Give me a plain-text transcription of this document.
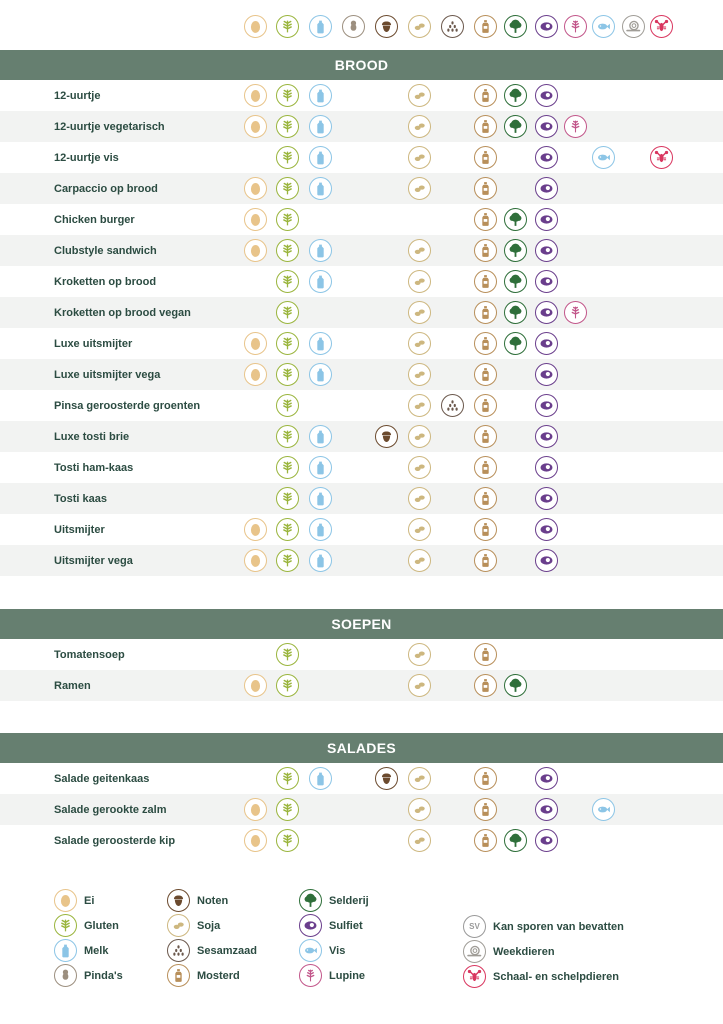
BROOD
12-uurtje
12-uurtje vegetarisch
12-uurtje vis
Carpaccio op brood
Chicken burger
Clubstyle sandwich
Kroketten op brood
Kroketten op brood vegan
Luxe uitsmijter
Luxe uitsmijter vega
Pinsa geroosterde groenten
Luxe tosti brie
Tosti ham-kaas
Tosti kaas
Uitsmijter
Uitsmijter vega
SOEPEN
Tomatensoep
Ramen
SALADES
Salade geitenkaas
Salade gerookte zalm
Salade geroosterde kip
Ei
Gluten
Melk
Pinda's
Noten
Soja
Sesamzaad
Mosterd
Selderij
Sulfiet
Vis
Lupine
SV	Kan sporen van bevatten
Weekdieren
Schaal- en schelpdieren
